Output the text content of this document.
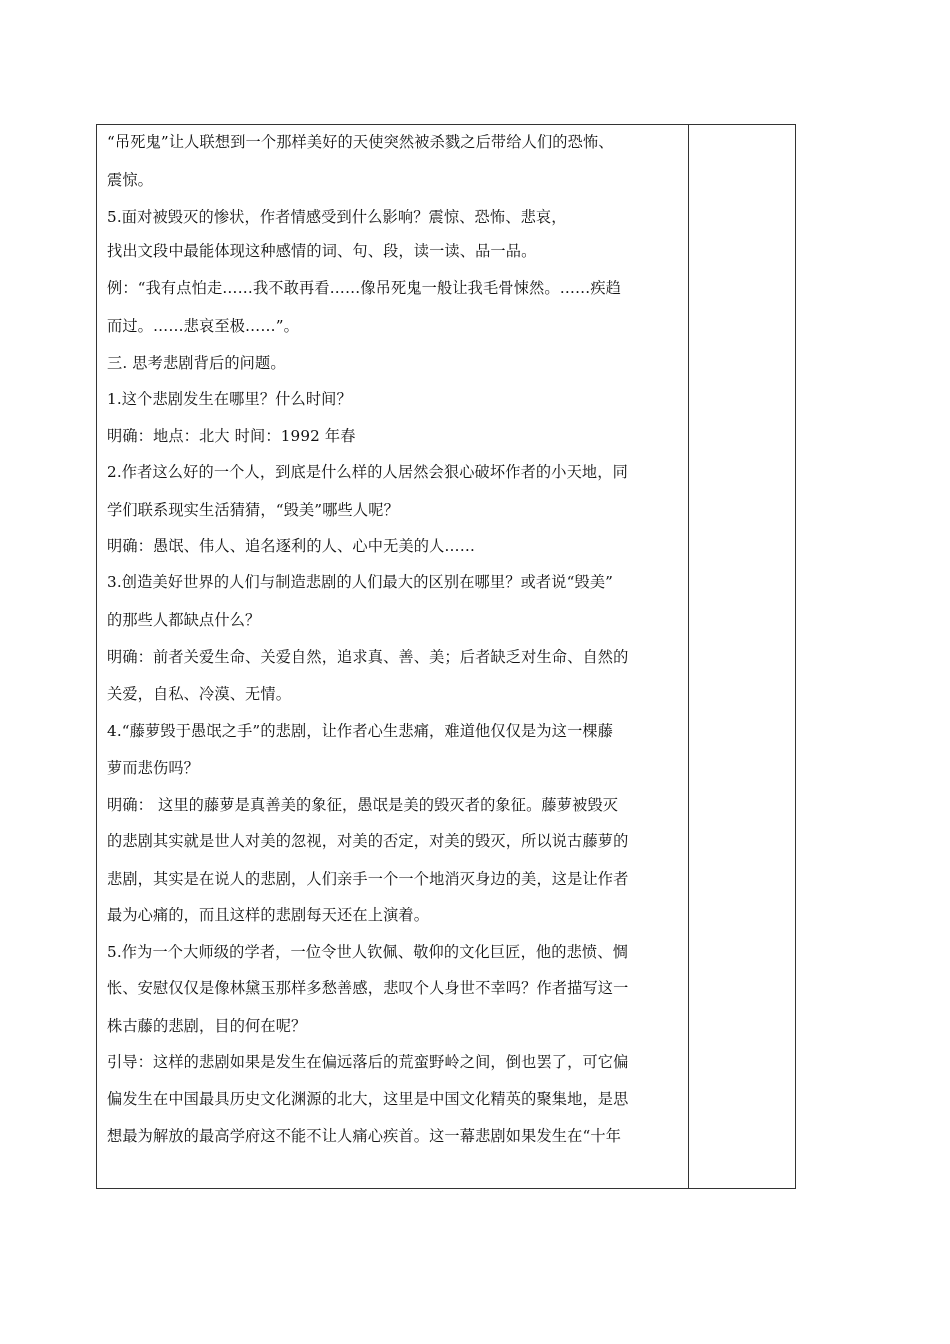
“吊死鬼”让人联想到一个那样美好的天使突然被杀戮之后带给人们的恐怖、
震惊。
5.面对被毁灭的惨状，作者情感受到什么影响？震惊、恐怖、悲哀，
找出文段中最能体现这种感情的词、句、段，读一读、品一品。
例：“我有点怕走……我不敢再看……像吊死鬼一般让我毛骨悚然。……疾趋
而过。……悲哀至极……”。
三. 思考悲剧背后的问题。
1.这个悲剧发生在哪里？什么时间？
明确：地点：北大 时间：1992 年春
2.作者这么好的一个人，到底是什么样的人居然会狠心破坏作者的小天地，同
学们联系现实生活猜猜，“毁美”哪些人呢？
明确：愚氓、伟人、追名逐利的人、心中无美的人……
3.创造美好世界的人们与制造悲剧的人们最大的区别在哪里？或者说“毁美”
的那些人都缺点什么？
明确：前者关爱生命、关爱自然，追求真、善、美；后者缺乏对生命、自然的
关爱，自私、冷漠、无情。
4.“藤萝毁于愚氓之手”的悲剧，让作者心生悲痛，难道他仅仅是为这一棵藤
萝而悲伤吗？
明确： 这里的藤萝是真善美的象征，愚氓是美的毁灭者的象征。藤萝被毁灭
的悲剧其实就是世人对美的忽视，对美的否定，对美的毁灭，所以说古藤萝的
悲剧，其实是在说人的悲剧，人们亲手一个一个地消灭身边的美，这是让作者
最为心痛的，而且这样的悲剧每天还在上演着。
5.作为一个大师级的学者，一位令世人钦佩、敬仰的文化巨匠，他的悲愤、惆
怅、安慰仅仅是像林黛玉那样多愁善感，悲叹个人身世不幸吗？作者描写这一
株古藤的悲剧，目的何在呢？
引导：这样的悲剧如果是发生在偏远落后的荒蛮野岭之间，倒也罢了，可它偏
偏发生在中国最具历史文化渊源的北大，这里是中国文化精英的聚集地，是思
想最为解放的最高学府这不能不让人痛心疾首。这一幕悲剧如果发生在“十年
